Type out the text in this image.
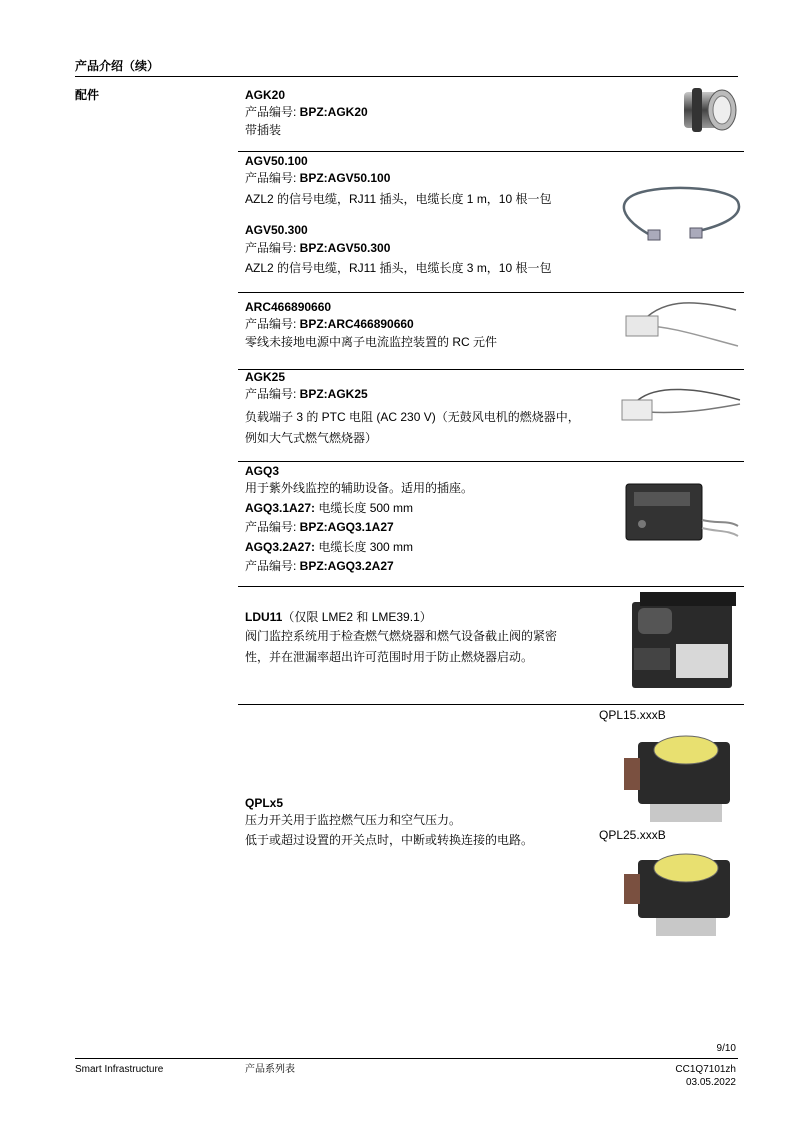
产品介绍（续）
配件	AGK20

产品编号: BPZ:AGK20

带插装

AGV50.100

产品编号: BPZ:AGV50.100

AZL2 的信号电缆，RJ11 插头，电缆长度 1 m，10 根一包

AGV50.300

产品编号: BPZ:AGV50.300

AZL2 的信号电缆，RJ11 插头，电缆长度 3 m，10 根一包

ARC466890660

产品编号: BPZ:ARC466890660

零线未接地电源中离子电流监控装置的 RC 元件

AGK25

产品编号: BPZ:AGK25

负载端子 3 的 PTC 电阻 (AC 230 V)（无鼓风电机的燃烧器中，例如大气式燃气燃烧器）

AGQ3

用于紫外线监控的辅助设备。适用的插座。

AGQ3.1A27: 电缆长度 500 mm

产品编号: BPZ:AGQ3.1A27

AGQ3.2A27: 电缆长度 300 mm

产品编号: BPZ:AGQ3.2A27

LDU11（仅限 LME2 和 LME39.1）

阀门监控系统用于检查燃气燃烧器和燃气设备截止阀的紧密性，并在泄漏率超出许可范围时用于防止燃烧器启动。

QPL15.xxxB
QPL25.xxxB

QPLx5

压力开关用于监控燃气压力和空气压力。

低于或超过设置的开关点时，中断或转换连接的电路。

9/10
Smart Infrastructure	产品系列表	CC1Q7101zh
03.05.2022
